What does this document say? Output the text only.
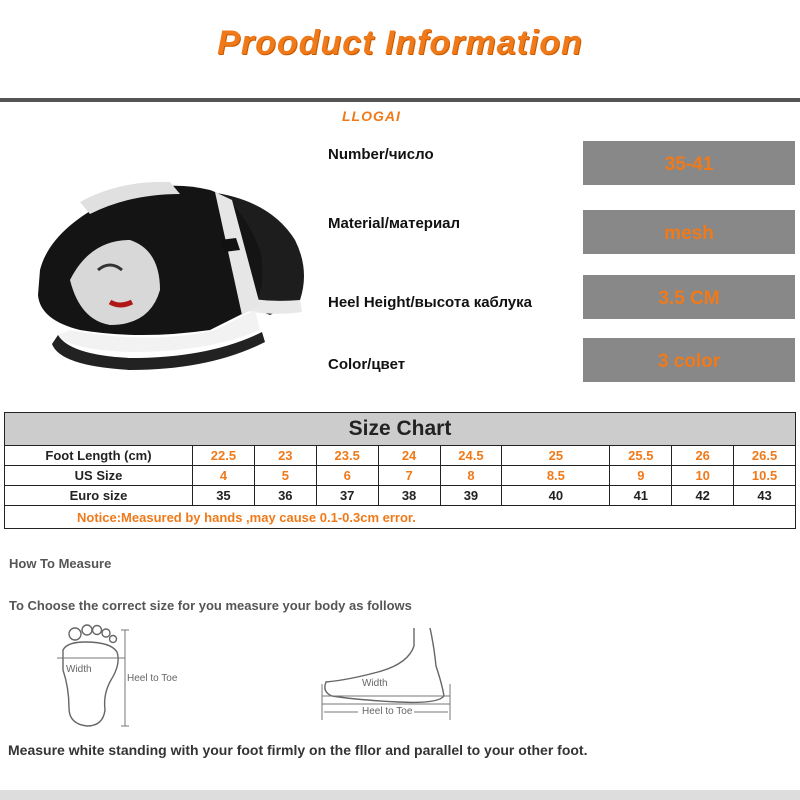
Prooduct Information
LLOGAI
Number/число	35-41
Material/материал	mesh
Heel Height/высота каблука	3.5 CM
Color/цвет	3 color
Size Chart									
Foot Length (cm)	22.5	23	23.5	24	24.5	25	25.5	26	26.5
US Size	4	5	6	7	8	8.5	9	10	10.5
Euro size	35	36	37	38	39	40	41	42	43
Notice:Measured by hands ,may cause 0.1-0.3cm error.									
How To Measure
To Choose the correct size for you measure your body as follows
Width
Heel to Toe	Width
Heel to Toe
Measure white standing with your foot firmly on the fllor and parallel to your other foot.
